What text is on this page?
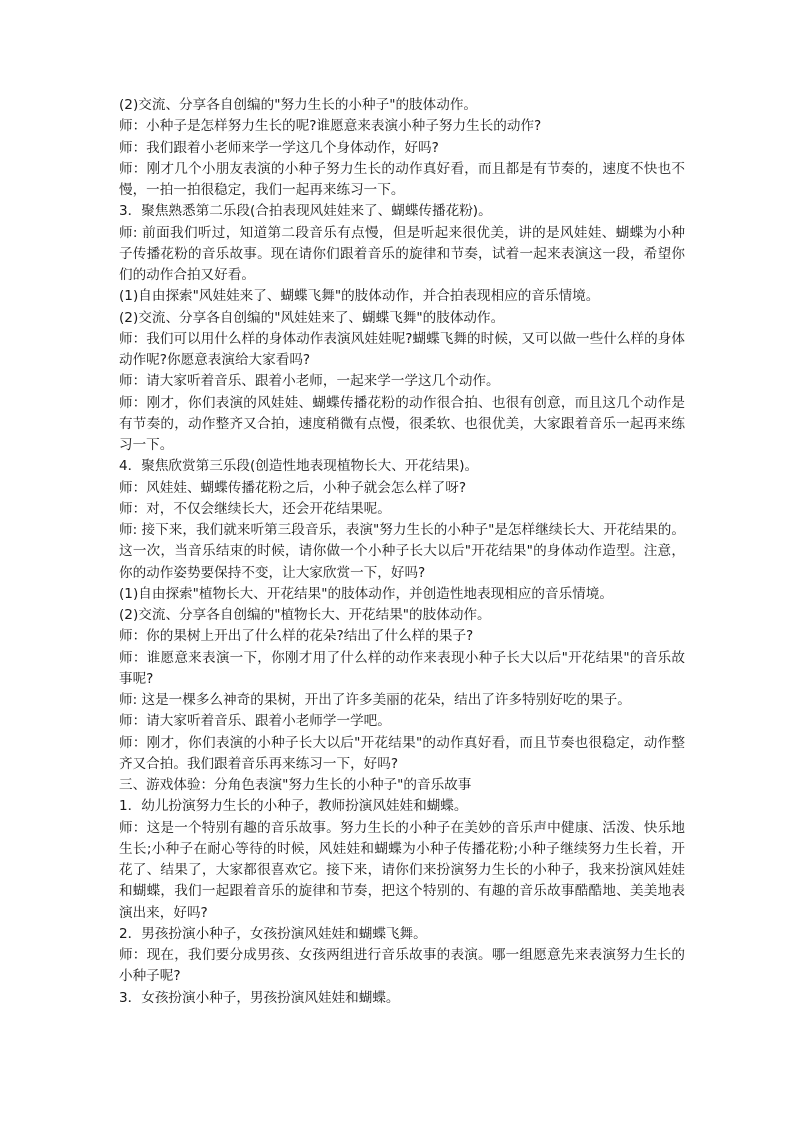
(2)交流、分享各自创编的"努力生长的小种子"的肢体动作。

师：小种子是怎样努力生长的呢?谁愿意来表演小种子努力生长的动作?

师：我们跟着小老师来学一学这几个身体动作，好吗?

师：刚才几个小朋友表演的小种子努力生长的动作真好看，而且都是有节奏的，速度不快也不慢，一拍一拍很稳定，我们一起再来练习一下。

3．聚焦熟悉第二乐段(合拍表现风娃娃来了、蝴蝶传播花粉)。

师: 前面我们听过，知道第二段音乐有点慢，但是听起来很优美，讲的是风娃娃、蝴蝶为小种子传播花粉的音乐故事。现在请你们跟着音乐的旋律和节奏，试着一起来表演这一段，希望你们的动作合拍又好看。

(1)自由探索"风娃娃来了、蝴蝶飞舞"的肢体动作，并合拍表现相应的音乐情境。

(2)交流、分享各自创编的"风娃娃来了、蝴蝶飞舞"的肢体动作。

师：我们可以用什么样的身体动作表演风娃娃呢?蝴蝶飞舞的时候，又可以做一些什么样的身体动作呢?你愿意表演给大家看吗?

师：请大家听着音乐、跟着小老师，一起来学一学这几个动作。

师：刚才，你们表演的风娃娃、蝴蝶传播花粉的动作很合拍、也很有创意，而且这几个动作是有节奏的，动作整齐又合拍，速度稍微有点慢，很柔软、也很优美，大家跟着音乐一起再来练习一下。

4．聚焦欣赏第三乐段(创造性地表现植物长大、开花结果)。

师：风娃娃、蝴蝶传播花粉之后，小种子就会怎么样了呀?

师：对，不仅会继续长大，还会开花结果呢。

师: 接下来，我们就来听第三段音乐，表演"努力生长的小种子"是怎样继续长大、开花结果的。这一次，当音乐结束的时候，请你做一个小种子长大以后"开花结果"的身体动作造型。注意，你的动作姿势要保持不变，让大家欣赏一下，好吗?

(1)自由探索"植物长大、开花结果"的肢体动作，并创造性地表现相应的音乐情境。

(2)交流、分享各自创编的"植物长大、开花结果"的肢体动作。

师：你的果树上开出了什么样的花朵?结出了什么样的果子?

师：谁愿意来表演一下，你刚才用了什么样的动作来表现小种子长大以后"开花结果"的音乐故事呢?

师: 这是一棵多么神奇的果树，开出了许多美丽的花朵，结出了许多特别好吃的果子。

师：请大家听着音乐、跟着小老师学一学吧。

师：刚才，你们表演的小种子长大以后"开花结果"的动作真好看，而且节奏也很稳定，动作整齐又合拍。我们跟着音乐再来练习一下，好吗?

三、游戏体验：分角色表演"努力生长的小种子"的音乐故事

1．幼儿扮演努力生长的小种子，教师扮演风娃娃和蝴蝶。

师：这是一个特别有趣的音乐故事。努力生长的小种子在美妙的音乐声中健康、活泼、快乐地生长;小种子在耐心等待的时候，风娃娃和蝴蝶为小种子传播花粉;小种子继续努力生长着，开花了、结果了，大家都很喜欢它。接下来，请你们来扮演努力生长的小种子，我来扮演风娃娃和蝴蝶，我们一起跟着音乐的旋律和节奏，把这个特别的、有趣的音乐故事酷酷地、美美地表演出来，好吗?

2．男孩扮演小种子，女孩扮演风娃娃和蝴蝶飞舞。

师：现在，我们要分成男孩、女孩两组进行音乐故事的表演。哪一组愿意先来表演努力生长的小种子呢?

3．女孩扮演小种子，男孩扮演风娃娃和蝴蝶。
